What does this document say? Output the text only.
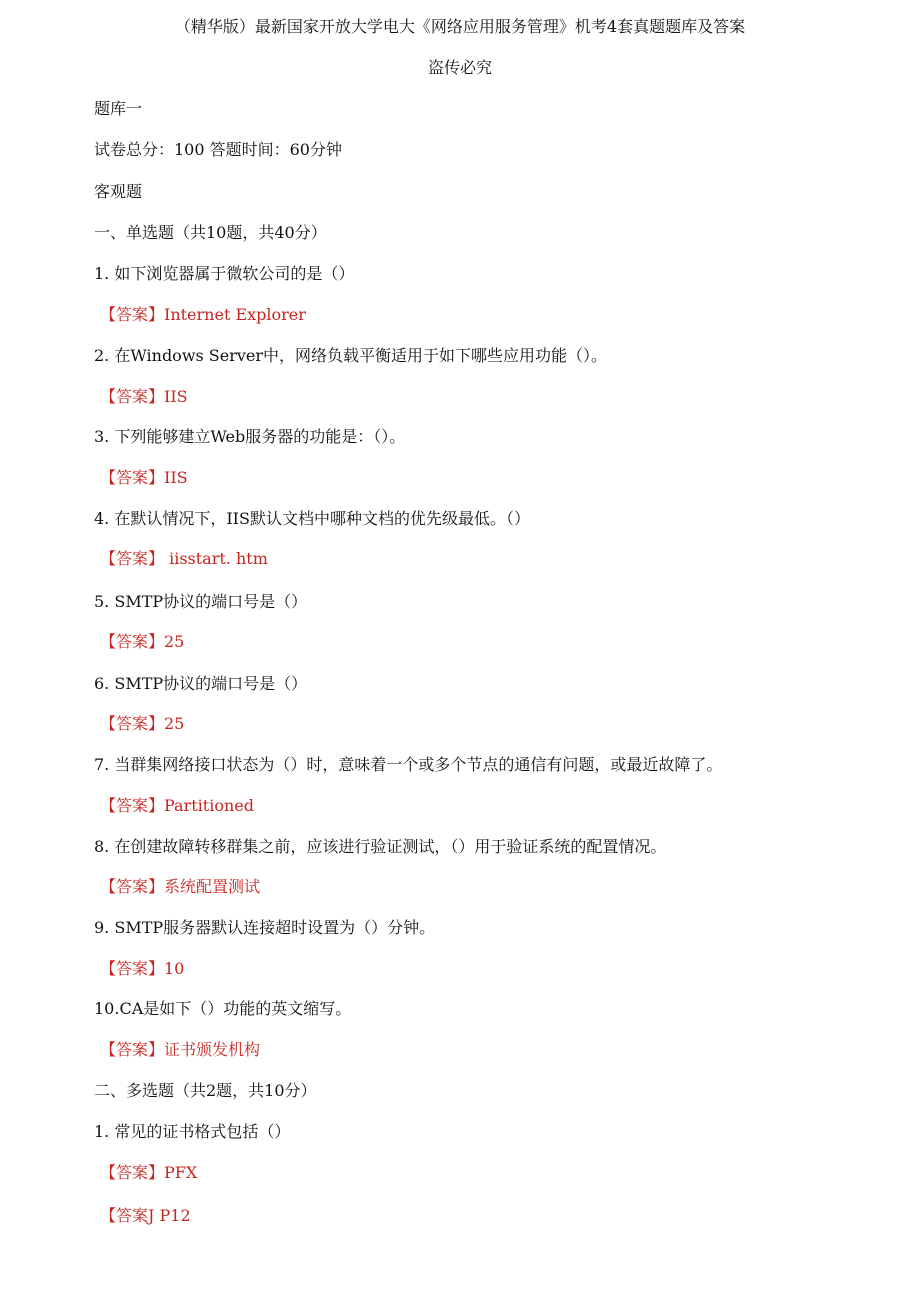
（精华版）最新国家开放大学电大《网络应用服务管理》机考4套真题题库及答案
盗传必究
题库一
试卷总分：100 答题时间：60分钟
客观题
一、单选题（共10题，共40分）
1. 如下浏览器属于微软公司的是（）
【答案】Internet Explorer
2. 在Windows Server中，网络负载平衡适用于如下哪些应用功能（）。
【答案】IIS
3. 下列能够建立Web服务器的功能是：（）。
【答案】IIS
4. 在默认情况下，IIS默认文档中哪种文档的优先级最低。（）
【答案】 iisstart. htm
5. SMTP协议的端口号是（）
【答案】25
6. SMTP协议的端口号是（）
【答案】25
7. 当群集网络接口状态为（）时，意味着一个或多个节点的通信有问题，或最近故障了。
【答案】Partitioned
8. 在创建故障转移群集之前，应该进行验证测试，（）用于验证系统的配置情况。
【答案】系统配置测试
9. SMTP服务器默认连接超时设置为（）分钟。
【答案】10
10.CA是如下（）功能的英文缩写。
【答案】证书颁发机构
二、多选题（共2题，共10分）
1. 常见的证书格式包括（）
【答案】PFX
【答案J P12
